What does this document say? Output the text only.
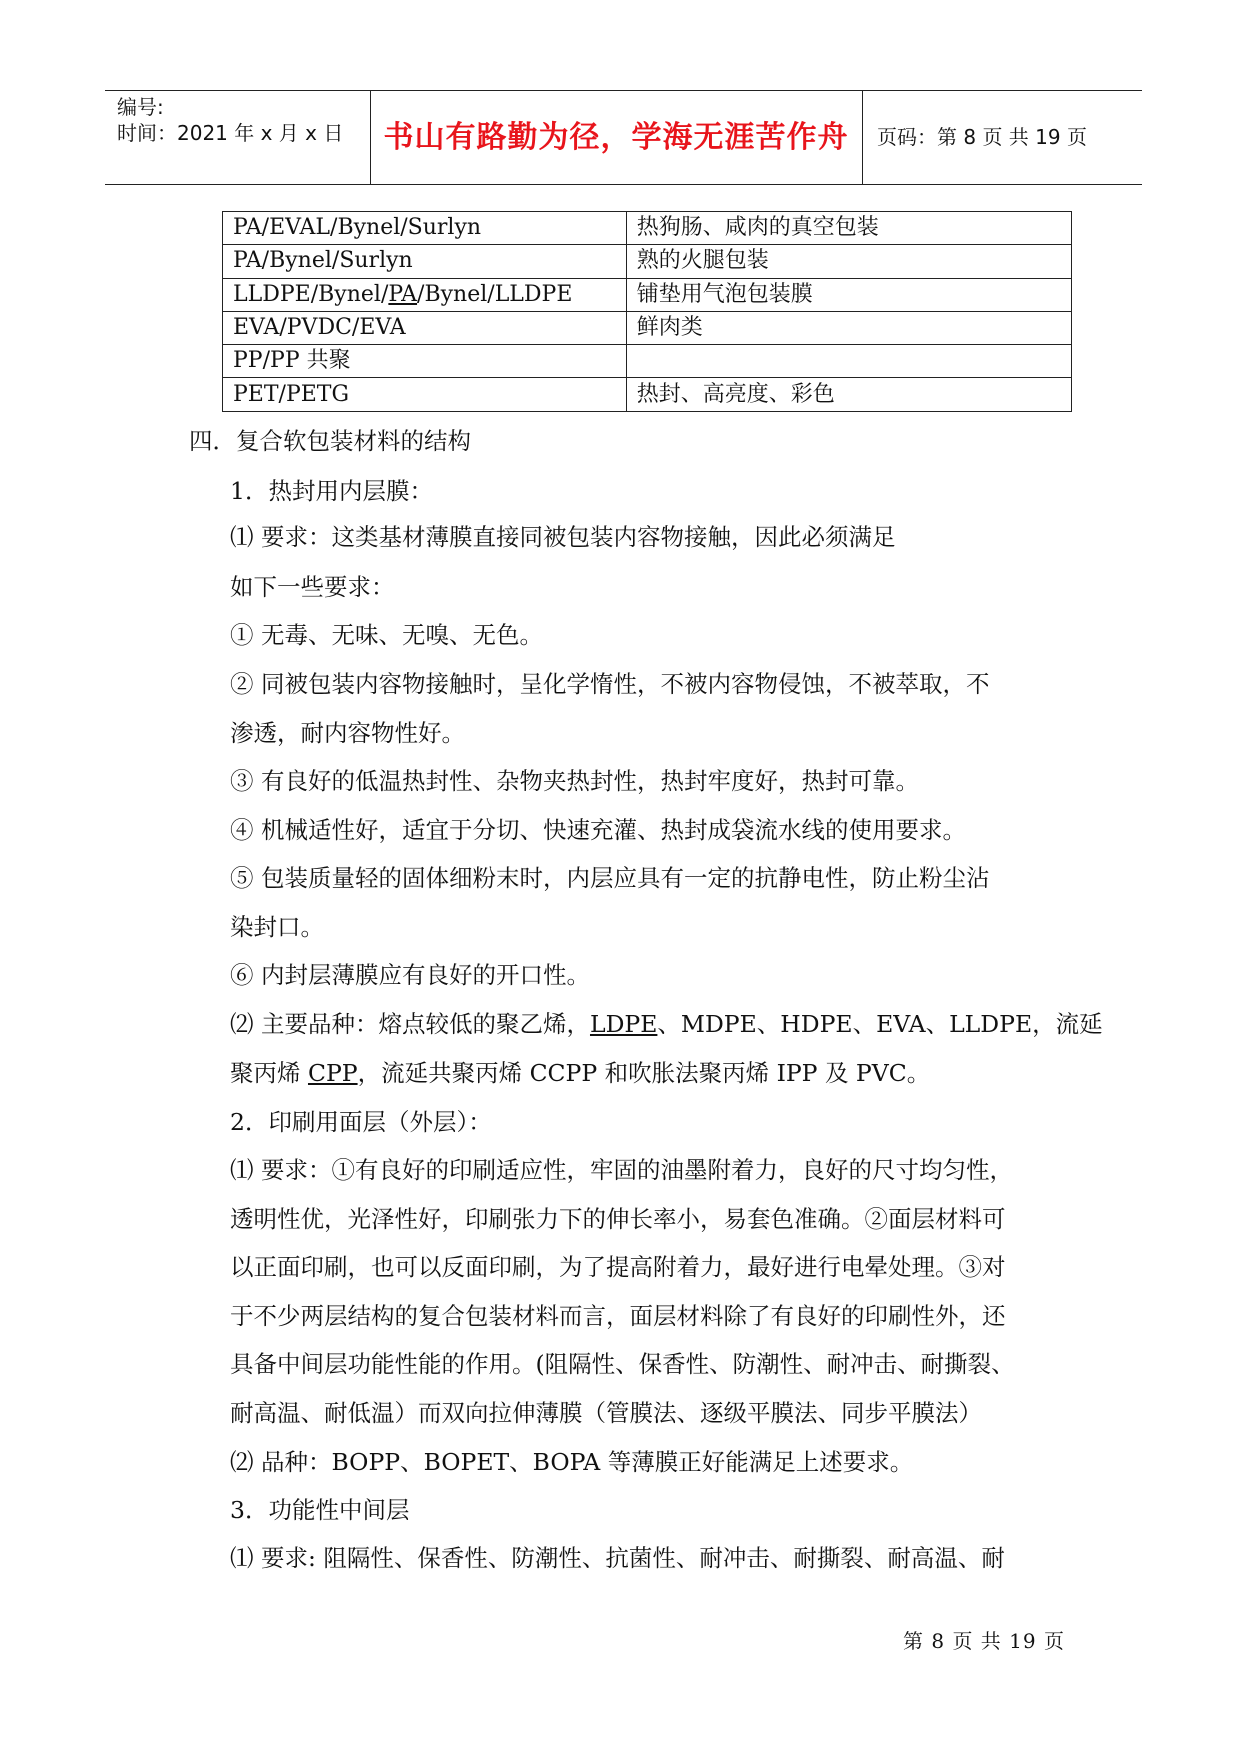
编号:
时间：2021 年 x 月 x 日	书山有路勤为径，学海无涯苦作舟	页码：第 8 页 共 19 页
PA/EVAL/Bynel/Surlyn	热狗肠、咸肉的真空包装
PA/Bynel/Surlyn	熟的火腿包装
LLDPE/Bynel/PA/Bynel/LLDPE	铺垫用气泡包装膜
EVA/PVDC/EVA	鲜肉类
PP/PP 共聚	
PET/PETG	热封、高亮度、彩色
四．复合软包装材料的结构
1．热封用内层膜：
⑴ 要求：这类基材薄膜直接同被包装内容物接触，因此必须满足
如下一些要求：
① 无毒、无味、无嗅、无色。
② 同被包装内容物接触时，呈化学惰性，不被内容物侵蚀，不被萃取，不
渗透，耐内容物性好。
③ 有良好的低温热封性、杂物夹热封性，热封牢度好，热封可靠。
④ 机械适性好，适宜于分切、快速充灌、热封成袋流水线的使用要求。
⑤ 包装质量轻的固体细粉末时，内层应具有一定的抗静电性，防止粉尘沾
染封口。
⑥ 内封层薄膜应有良好的开口性。
⑵ 主要品种：熔点较低的聚乙烯，LDPE、MDPE、HDPE、EVA、LLDPE，流延
聚丙烯 CPP，流延共聚丙烯 CCPP 和吹胀法聚丙烯 IPP 及 PVC。
2．印刷用面层（外层）：
⑴ 要求：①有良好的印刷适应性，牢固的油墨附着力，良好的尺寸均匀性，
透明性优，光泽性好，印刷张力下的伸长率小，易套色准确。②面层材料可
以正面印刷，也可以反面印刷，为了提高附着力，最好进行电晕处理。③对
于不少两层结构的复合包装材料而言，面层材料除了有良好的印刷性外，还
具备中间层功能性能的作用。(阻隔性、保香性、防潮性、耐冲击、耐撕裂、
耐高温、耐低温）而双向拉伸薄膜（管膜法、逐级平膜法、同步平膜法）
⑵ 品种：BOPP、BOPET、BOPA 等薄膜正好能满足上述要求。
3．功能性中间层
⑴ 要求: 阻隔性、保香性、防潮性、抗菌性、耐冲击、耐撕裂、耐高温、耐
第 8 页 共 19 页
